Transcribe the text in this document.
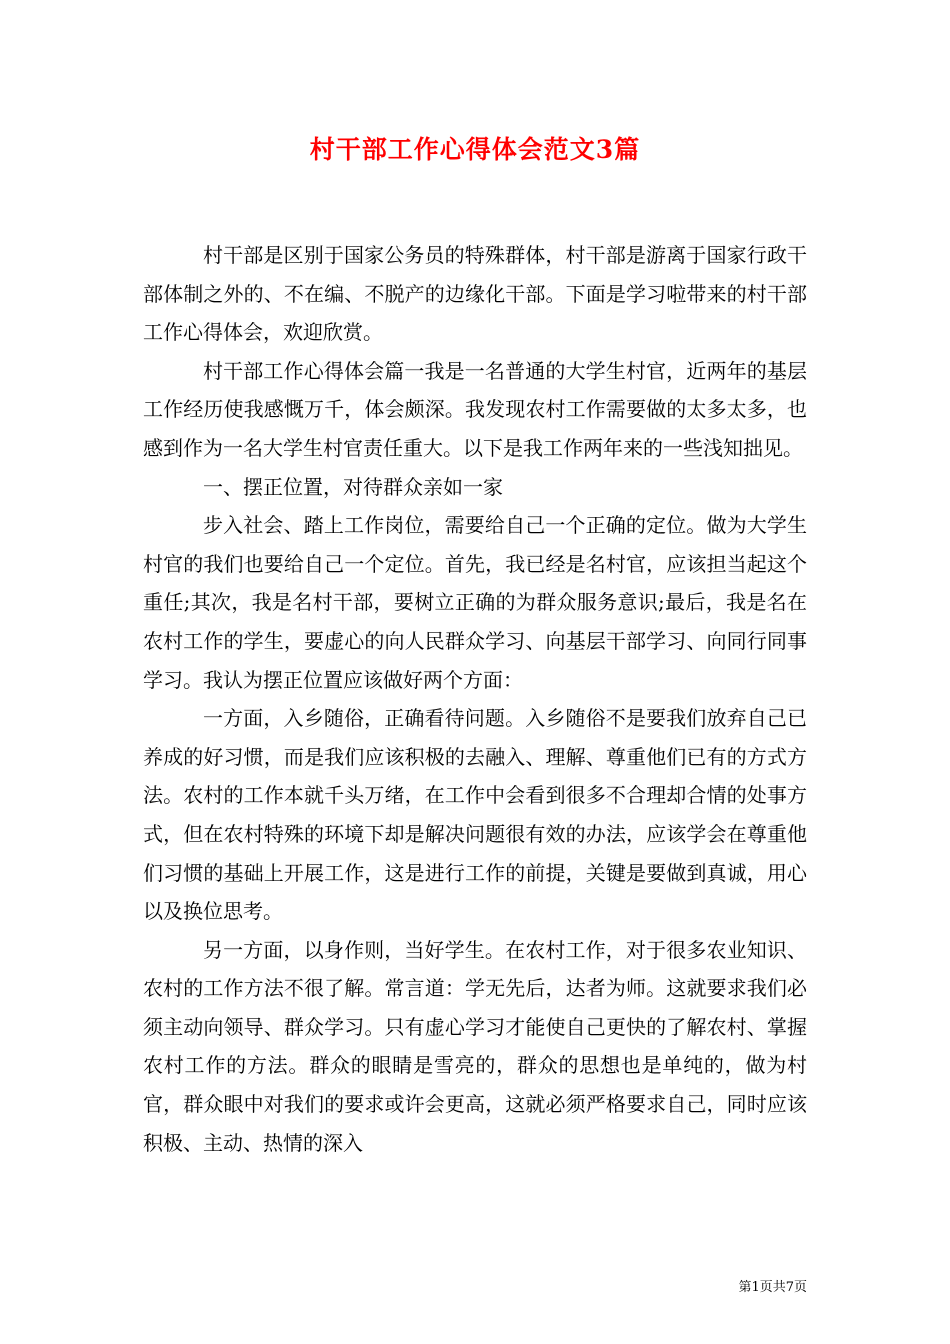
村干部工作心得体会范文3篇

村干部是区别于国家公务员的特殊群体，村干部是游离于国家行政干部体制之外的、不在编、不脱产的边缘化干部。下面是学习啦带来的村干部工作心得体会，欢迎欣赏。

村干部工作心得体会篇一我是一名普通的大学生村官，近两年的基层工作经历使我感慨万千，体会颇深。我发现农村工作需要做的太多太多，也感到作为一名大学生村官责任重大。以下是我工作两年来的一些浅知拙见。

一、摆正位置，对待群众亲如一家

步入社会、踏上工作岗位，需要给自己一个正确的定位。做为大学生村官的我们也要给自己一个定位。首先，我已经是名村官，应该担当起这个重任;其次，我是名村干部，要树立正确的为群众服务意识;最后，我是名在农村工作的学生，要虚心的向人民群众学习、向基层干部学习、向同行同事学习。我认为摆正位置应该做好两个方面：

一方面，入乡随俗，正确看待问题。入乡随俗不是要我们放弃自己已养成的好习惯，而是我们应该积极的去融入、理解、尊重他们已有的方式方法。农村的工作本就千头万绪，在工作中会看到很多不合理却合情的处事方式，但在农村特殊的环境下却是解决问题很有效的办法，应该学会在尊重他们习惯的基础上开展工作，这是进行工作的前提，关键是要做到真诚，用心以及换位思考。

另一方面，以身作则，当好学生。在农村工作，对于很多农业知识、农村的工作方法不很了解。常言道：学无先后，达者为师。这就要求我们必须主动向领导、群众学习。只有虚心学习才能使自己更快的了解农村、掌握农村工作的方法。群众的眼睛是雪亮的，群众的思想也是单纯的，做为村官，群众眼中对我们的要求或许会更高，这就必须严格要求自己，同时应该积极、主动、热情的深入

第1页共7页
